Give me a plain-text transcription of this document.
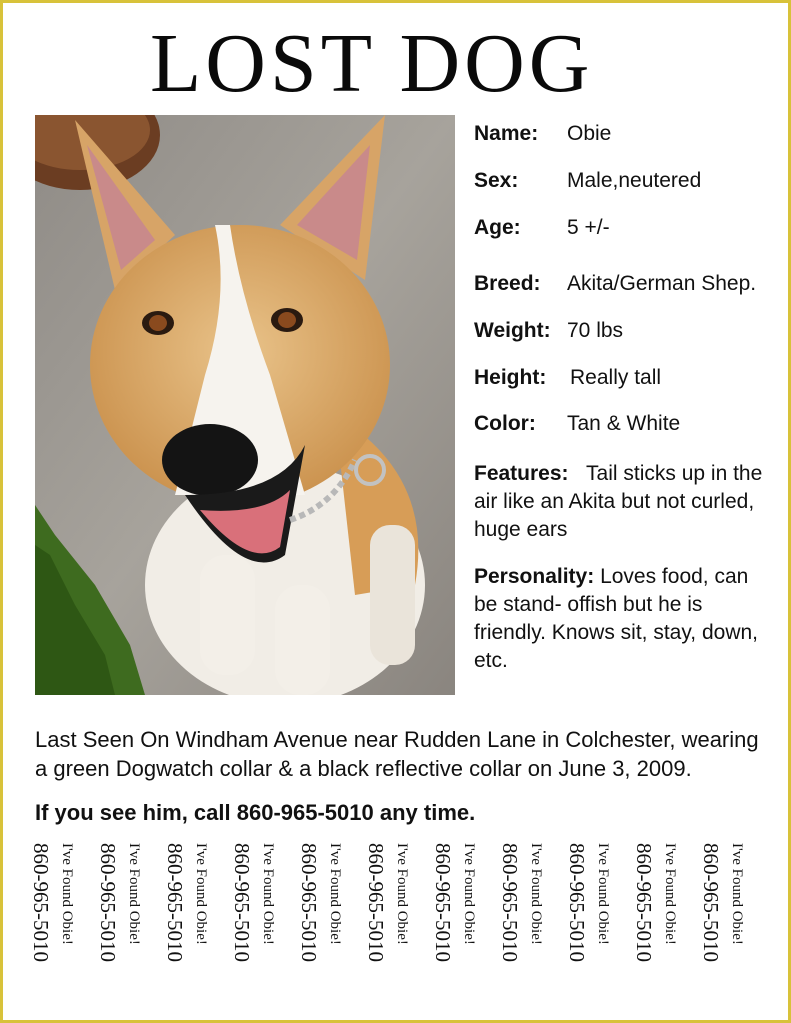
LOST DOG
Name: Obie
Sex: Male,neutered
Age: 5 +/-
Breed: Akita/German Shep.
Weight: 70 lbs
Height: Really tall
Color: Tan & White
Features: Tail sticks up in the air like an Akita but not curled, huge ears
Personality: Loves food, can be stand- offish but he is friendly. Knows sit, stay, down, etc.
Last Seen On Windham Avenue near Rudden Lane in Colchester, wearing a green Dogwatch collar & a black reflective collar on June 3, 2009.
If you see him, call 860-965-5010 any time.
860-965-5010 I've Found Obie! 860-965-5010 I've Found Obie! 860-965-5010 I've Found Obie! 860-965-5010 I've Found Obie! 860-965-5010 I've Found Obie! 860-965-5010 I've Found Obie! 860-965-5010 I've Found Obie! 860-965-5010 I've Found Obie! 860-965-5010 I've Found Obie! 860-965-5010 I've Found Obie! 860-965-5010 I've Found Obie!
